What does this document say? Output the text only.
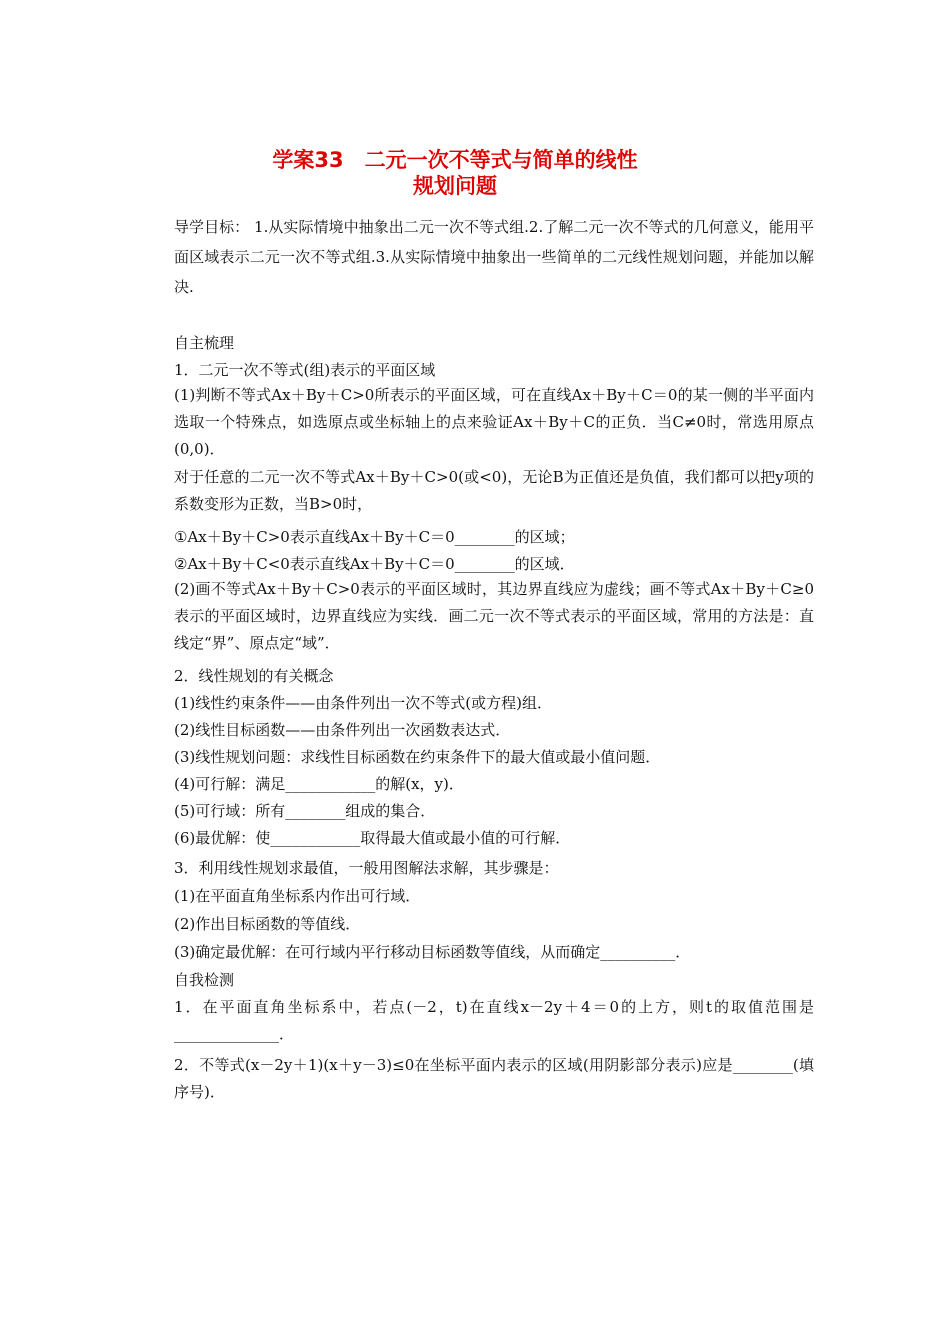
学案33　二元一次不等式与简单的线性
规划问题
导学目标： 1.从实际情境中抽象出二元一次不等式组.2.了解二元一次不等式的几何意义，能用平面区域表示二元一次不等式组.3.从实际情境中抽象出一些简单的二元线性规划问题，并能加以解决.
自主梳理
1．二元一次不等式(组)表示的平面区域
(1)判断不等式Ax＋By＋C>0所表示的平面区域，可在直线Ax＋By＋C＝0的某一侧的半平面内选取一个特殊点，如选原点或坐标轴上的点来验证Ax＋By＋C的正负．当C≠0时，常选用原点(0,0)．
对于任意的二元一次不等式Ax＋By＋C>0(或<0)，无论B为正值还是负值，我们都可以把y项的系数变形为正数，当B>0时，
①Ax＋By＋C>0表示直线Ax＋By＋C＝0________的区域；
②Ax＋By＋C<0表示直线Ax＋By＋C＝0________的区域．
(2)画不等式Ax＋By＋C>0表示的平面区域时，其边界直线应为虚线；画不等式Ax＋By＋C≥0表示的平面区域时，边界直线应为实线．画二元一次不等式表示的平面区域，常用的方法是：直线定“界”、原点定“域”．
2．线性规划的有关概念
(1)线性约束条件——由条件列出一次不等式(或方程)组．
(2)线性目标函数——由条件列出一次函数表达式．
(3)线性规划问题：求线性目标函数在约束条件下的最大值或最小值问题．
(4)可行解：满足____________的解(x，y)．
(5)可行域：所有________组成的集合．
(6)最优解：使____________取得最大值或最小值的可行解．
3．利用线性规划求最值，一般用图解法求解，其步骤是：
(1)在平面直角坐标系内作出可行域．
(2)作出目标函数的等值线．
(3)确定最优解：在可行域内平行移动目标函数等值线，从而确定__________．
自我检测
1．在平面直角坐标系中，若点(－2，t)在直线x－2y＋4＝0的上方，则t的取值范围是______________．
2．不等式(x－2y＋1)(x＋y－3)≤0在坐标平面内表示的区域(用阴影部分表示)应是________(填序号)．
